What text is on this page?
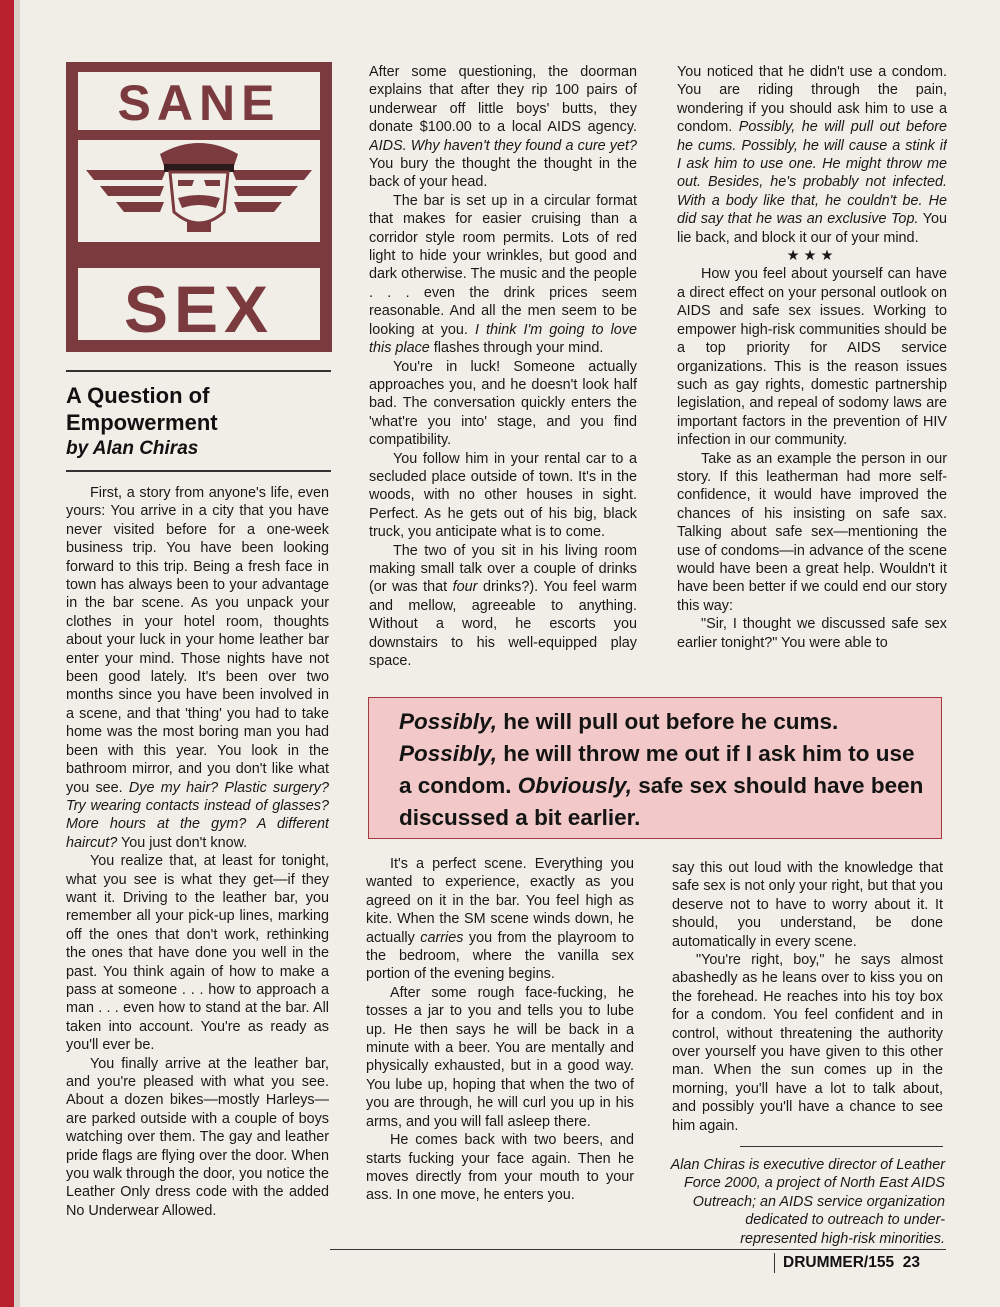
SANE
SEX
A Question of
Empowerment

by Alan Chiras

First, a story from anyone's life, even yours: You arrive in a city that you have never visited before for a one-week business trip. You have been looking forward to this trip. Being a fresh face in town has always been to your advantage in the bar scene. As you unpack your clothes in your hotel room, thoughts about your luck in your home leather bar enter your mind. Those nights have not been good lately. It's been over two months since you have been involved in a scene, and that 'thing' you had to take home was the most boring man you had been with this year. You look in the bathroom mirror, and you don't like what you see. Dye my hair? Plastic surgery? Try wearing contacts instead of glasses? More hours at the gym? A different haircut? You just don't know.

You realize that, at least for tonight, what you see is what they get—if they want it. Driving to the leather bar, you remember all your pick-up lines, marking off the ones that don't work, rethinking the ones that have done you well in the past. You think again of how to make a pass at someone . . . how to approach a man . . . even how to stand at the bar. All taken into account. You're as ready as you'll ever be.

You finally arrive at the leather bar, and you're pleased with what you see. About a dozen bikes—mostly Harleys—are parked outside with a couple of boys watching over them. The gay and leather pride flags are flying over the door. When you walk through the door, you notice the Leather Only dress code with the added No Underwear Allowed.

After some questioning, the doorman explains that after they rip 100 pairs of underwear off little boys' butts, they donate $100.00 to a local AIDS agency. AIDS. Why haven't they found a cure yet? You bury the thought the thought in the back of your head.

The bar is set up in a circular format that makes for easier cruising than a corridor style room permits. Lots of red light to hide your wrinkles, but good and dark otherwise. The music and the people . . . even the drink prices seem reasonable. And all the men seem to be looking at you. I think I'm going to love this place flashes through your mind.

You're in luck! Someone actually approaches you, and he doesn't look half bad. The conversation quickly enters the 'what're you into' stage, and you find compatibility.

You follow him in your rental car to a secluded place outside of town. It's in the woods, with no other houses in sight. Perfect. As he gets out of his big, black truck, you anticipate what is to come.

The two of you sit in his living room making small talk over a couple of drinks (or was that four drinks?). You feel warm and mellow, agreeable to anything. Without a word, he escorts you downstairs to his well-equipped play space.

You noticed that he didn't use a condom. You are riding through the pain, wondering if you should ask him to use a condom. Possibly, he will pull out before he cums. Possibly, he will cause a stink if I ask him to use one. He might throw me out. Besides, he's probably not infected. With a body like that, he couldn't be. He did say that he was an exclusive Top. You lie back, and block it our of your mind.

★★★

How you feel about yourself can have a direct effect on your personal outlook on AIDS and safe sex issues. Working to empower high-risk communities should be a top priority for AIDS service organizations. This is the reason issues such as gay rights, domestic partnership legislation, and repeal of sodomy laws are important factors in the prevention of HIV infection in our community.

Take as an example the person in our story. If this leatherman had more self-confidence, it would have improved the chances of his insisting on safe sax. Talking about safe sex—mentioning the use of condoms—in advance of the scene would have been a great help. Wouldn't it have been better if we could end our story this way:

"Sir, I thought we discussed safe sex earlier tonight?" You were able to

Possibly, he will pull out before he cums. Possibly, he will throw me out if I ask him to use a condom. Obviously, safe sex should have been discussed a bit earlier.

It's a perfect scene. Everything you wanted to experience, exactly as you agreed on it in the bar. You feel high as kite. When the SM scene winds down, he actually carries you from the playroom to the bedroom, where the vanilla sex portion of the evening begins.

After some rough face-fucking, he tosses a jar to you and tells you to lube up. He then says he will be back in a minute with a beer. You are mentally and physically exhausted, but in a good way. You lube up, hoping that when the two of you are through, he will curl you up in his arms, and you will fall asleep there.

He comes back with two beers, and starts fucking your face again. Then he moves directly from your mouth to your ass. In one move, he enters you.

say this out loud with the knowledge that safe sex is not only your right, but that you deserve not to have to worry about it. It should, you understand, be done automatically in every scene.

"You're right, boy," he says almost abashedly as he leans over to kiss you on the forehead. He reaches into his toy box for a condom. You feel confident and in control, without threatening the authority over yourself you have given to this other man. When the sun comes up in the morning, you'll have a lot to talk about, and possibly you'll have a chance to see him again.

Alan Chiras is executive director of Leather Force 2000, a project of North East AIDS Outreach; an AIDS service organization dedicated to outreach to under-represented high-risk minorities.
DRUMMER/155 23
